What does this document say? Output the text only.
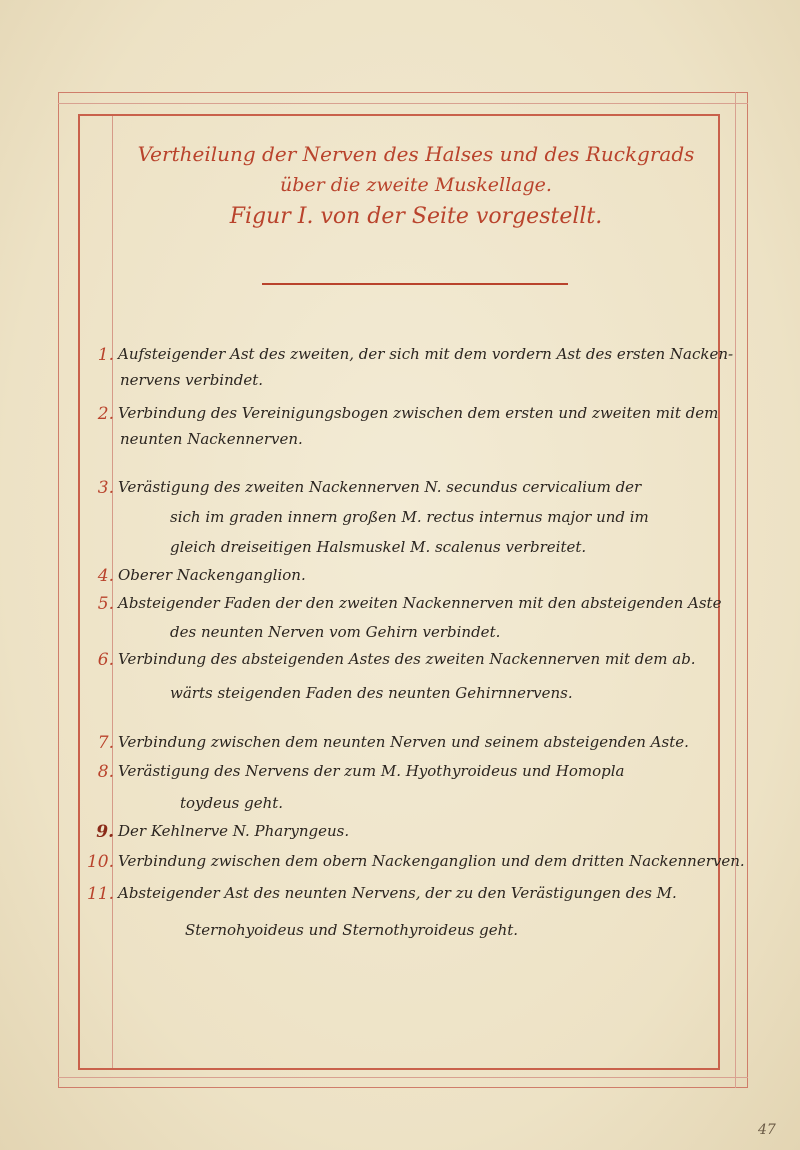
Vertheilung der Nerven des Halses und des Ruckgrads
über die zweite Muskellage.
Figur I. von der Seite vorgestellt.
1. Aufsteigender Ast des zweiten, der sich mit dem vordern Ast des ersten Nacken-
nervens verbindet.
2. Verbindung des Vereinigungsbogen zwischen dem ersten und zweiten mit dem
neunten Nackennerven.
3. Verästigung des zweiten Nackennerven N. secundus cervicalium der
sich im graden innern großen M. rectus internus major und im
gleich dreiseitigen Halsmuskel M. scalenus verbreitet.
4. Oberer Nackenganglion.
5. Absteigender Faden der den zweiten Nackennerven mit den absteigenden Aste
des neunten Nerven vom Gehirn verbindet.
6. Verbindung des absteigenden Astes des zweiten Nackennerven mit dem ab.
wärts steigenden Faden des neunten Gehirnnervens.
7. Verbindung zwischen dem neunten Nerven und seinem absteigenden Aste.
8. Verästigung des Nervens der zum M. Hyothyroideus und Homopla
toydeus geht.
9. Der Kehlnerve N. Pharyngeus.
10. Verbindung zwischen dem obern Nackenganglion und dem dritten Nackennerven.
11. Absteigender Ast des neunten Nervens, der zu den Verästigungen des M.
Sternohyoideus und Sternothyroideus geht.
47
